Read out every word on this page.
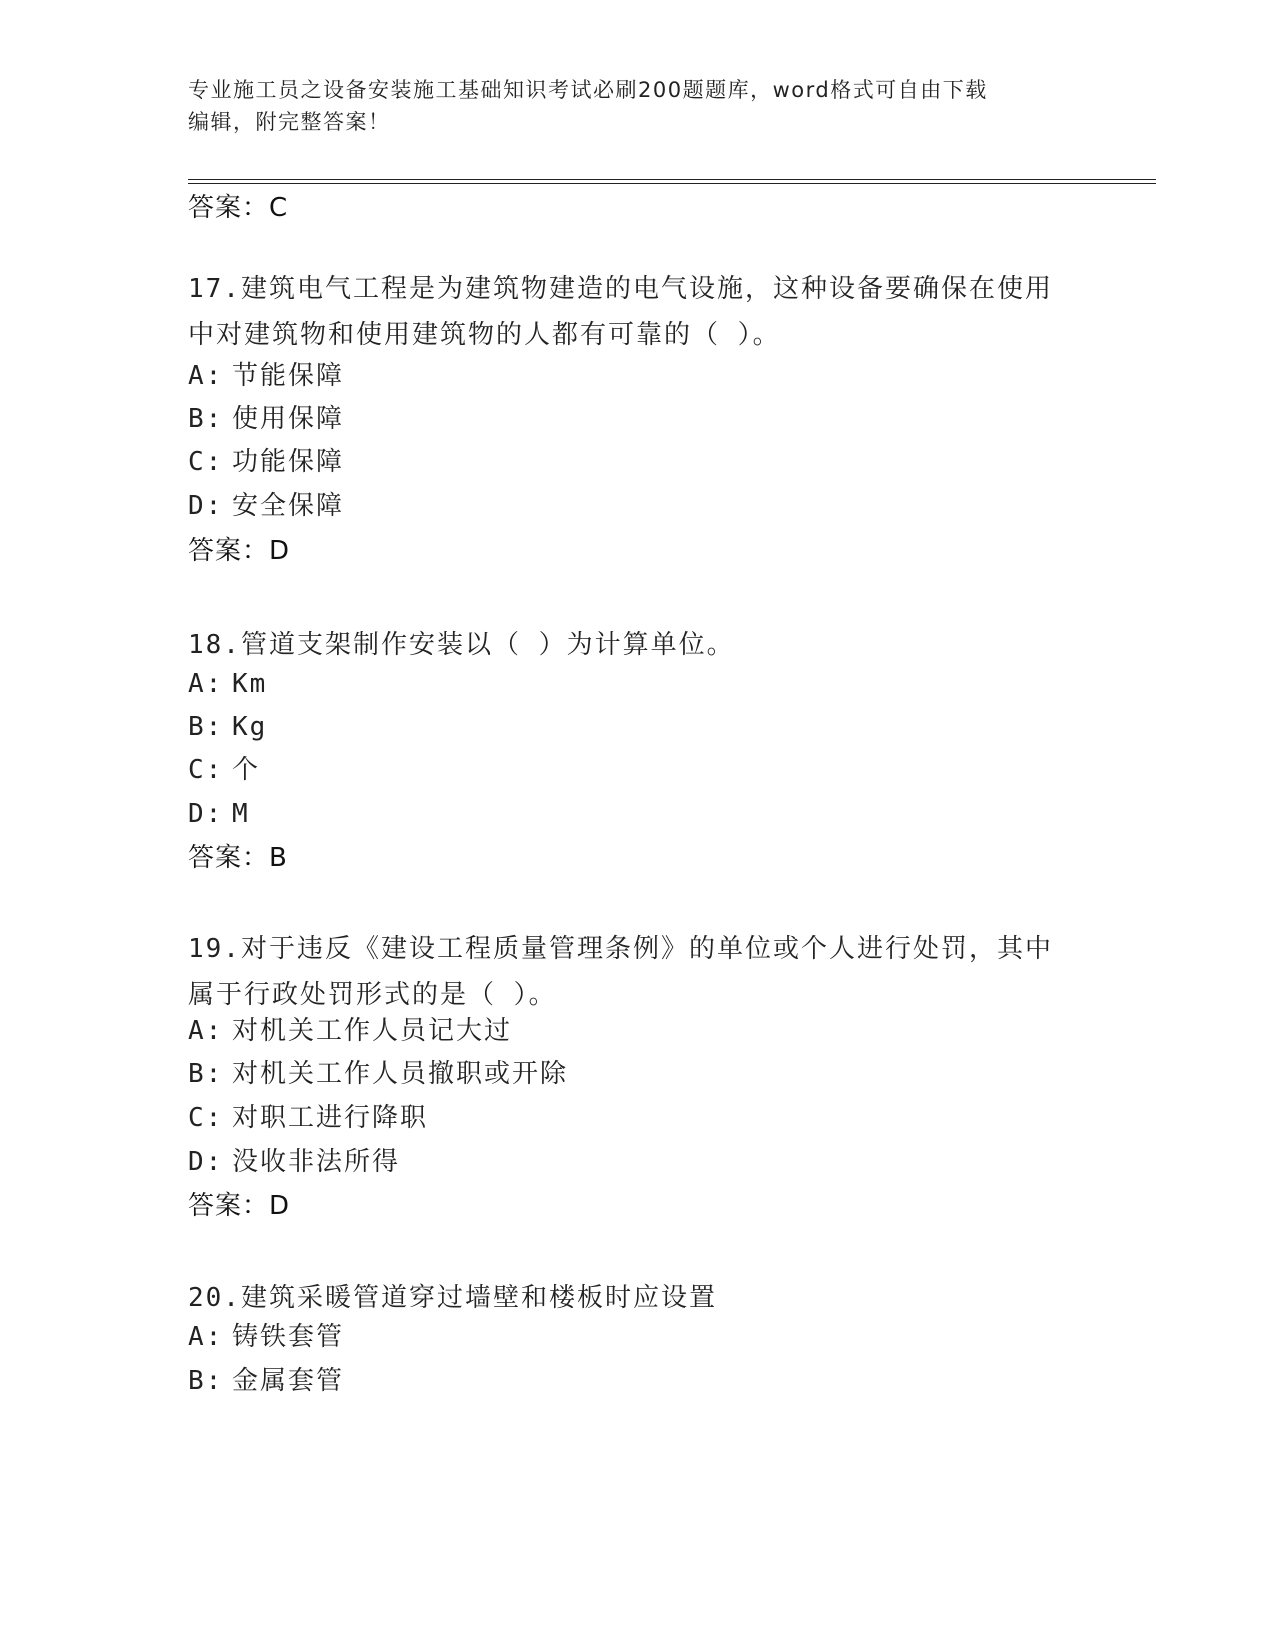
专业施工员之设备安装施工基础知识考试必刷200题题库，word格式可自由下载
编辑，附完整答案！
答案：C
17.建筑电气工程是为建筑物建造的电气设施，这种设备要确保在使用
中对建筑物和使用建筑物的人都有可靠的（ ）。
A: 节能保障
B: 使用保障
C: 功能保障
D: 安全保障
答案：D
18.管道支架制作安装以（ ）为计算单位。
A: Km
B: Kg
C: 个
D: M
答案：B
19.对于违反《建设工程质量管理条例》的单位或个人进行处罚，其中
属于行政处罚形式的是（ ）。
A: 对机关工作人员记大过
B: 对机关工作人员撤职或开除
C: 对职工进行降职
D: 没收非法所得
答案：D
20.建筑采暖管道穿过墙壁和楼板时应设置
A: 铸铁套管
B: 金属套管
